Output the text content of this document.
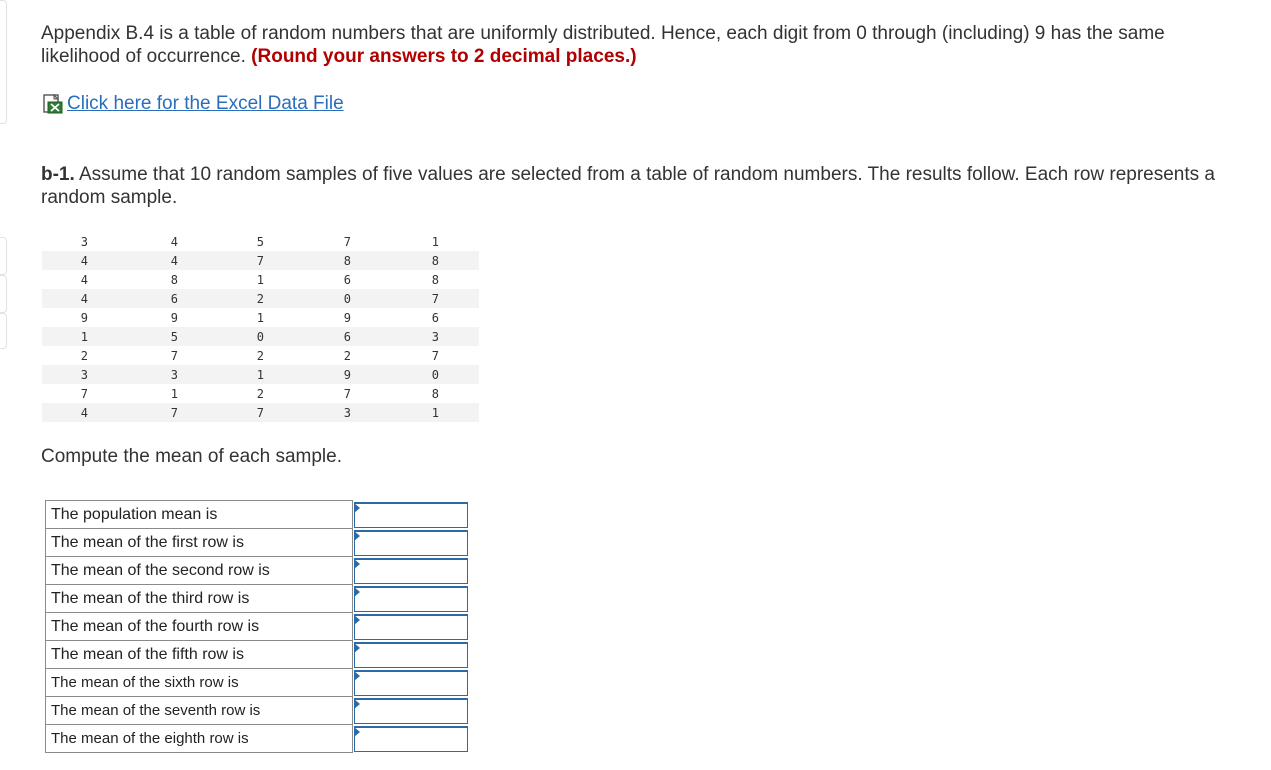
Appendix B.4 is a table of random numbers that are uniformly distributed. Hence, each digit from 0 through (including) 9 has the same likelihood of occurrence. (Round your answers to 2 decimal places.)
Click here for the Excel Data File
b-1. Assume that 10 random samples of five values are selected from a table of random numbers. The results follow. Each row represents a random sample.
3	4	5	7	1	
4	4	7	8	8	
4	8	1	6	8	
4	6	2	0	7	
9	9	1	9	6	
1	5	0	6	3	
2	7	2	2	7	
3	3	1	9	0	
7	1	2	7	8	
4	7	7	3	1	
Compute the mean of each sample.
The population mean is	

The mean of the first row is	

The mean of the second row is	

The mean of the third row is	

The mean of the fourth row is	

The mean of the fifth row is	

The mean of the sixth row is	

The mean of the seventh row is	

The mean of the eighth row is	
